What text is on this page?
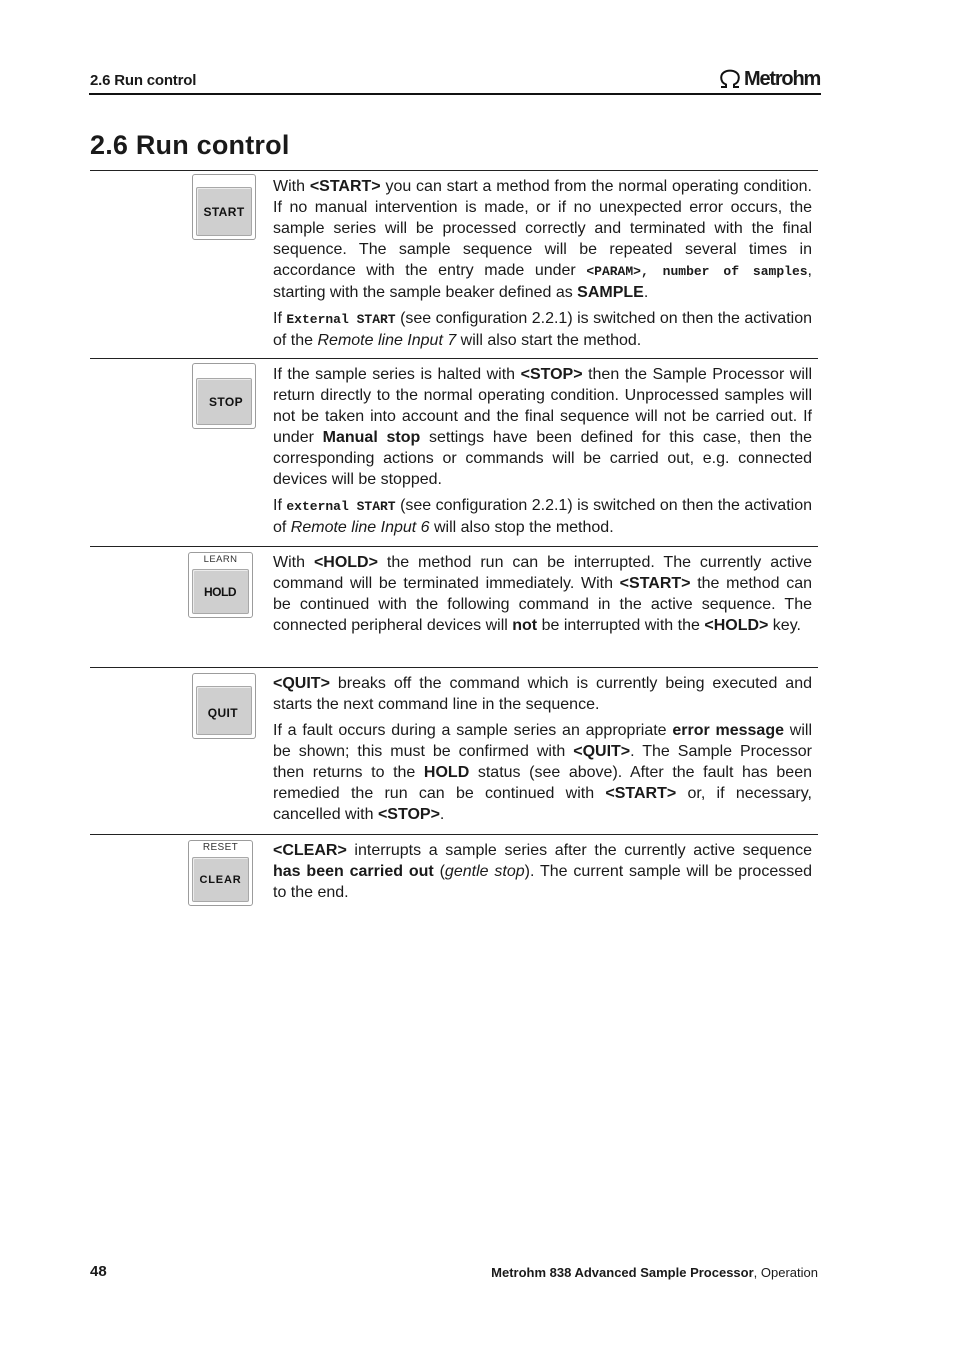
2.6 Run control	Metrohm
2.6 Run control
START

With <START> you can start a method from the normal operating condition. If no manual intervention is made, or if no unexpected error occurs, the sample series will be processed correctly and terminated with the final sequence. The sample sequence will be repeated several times in accordance with the entry made under <PARAM>, number of samples, starting with the sample beaker defined as SAMPLE.

If External START (see configuration 2.2.1) is switched on then the activation of the Remote line Input 7 will also start the method.

STOP

If the sample series is halted with <STOP> then the Sample Processor will return directly to the normal operating condition. Unprocessed samples will not be taken into account and the final sequence will not be carried out. If under Manual stop settings have been defined for this case, then the corresponding actions or commands will be carried out, e.g. connected devices will be stopped.

If external START (see configuration 2.2.1) is switched on then the activation of Remote line Input 6 will also stop the method.

LEARN
HOLD

With <HOLD> the method run can be interrupted. The currently active command will be terminated immediately. With <START> the method can be continued with the following command in the active sequence. The connected peripheral devices will not be interrupted with the <HOLD> key.

QUIT

<QUIT> breaks off the command which is currently being executed and starts the next command line in the sequence.

If a fault occurs during a sample series an appropriate error message will be shown; this must be confirmed with <QUIT>. The Sample Processor then returns to the HOLD status (see above). After the fault has been remedied the run can be continued with <START> or, if necessary, cancelled with <STOP>.

RESET
CLEAR

<CLEAR> interrupts a sample series after the currently active sequence has been carried out (gentle stop). The current sample will be processed to the end.

48	Metrohm 838 Advanced Sample Processor, Operation
